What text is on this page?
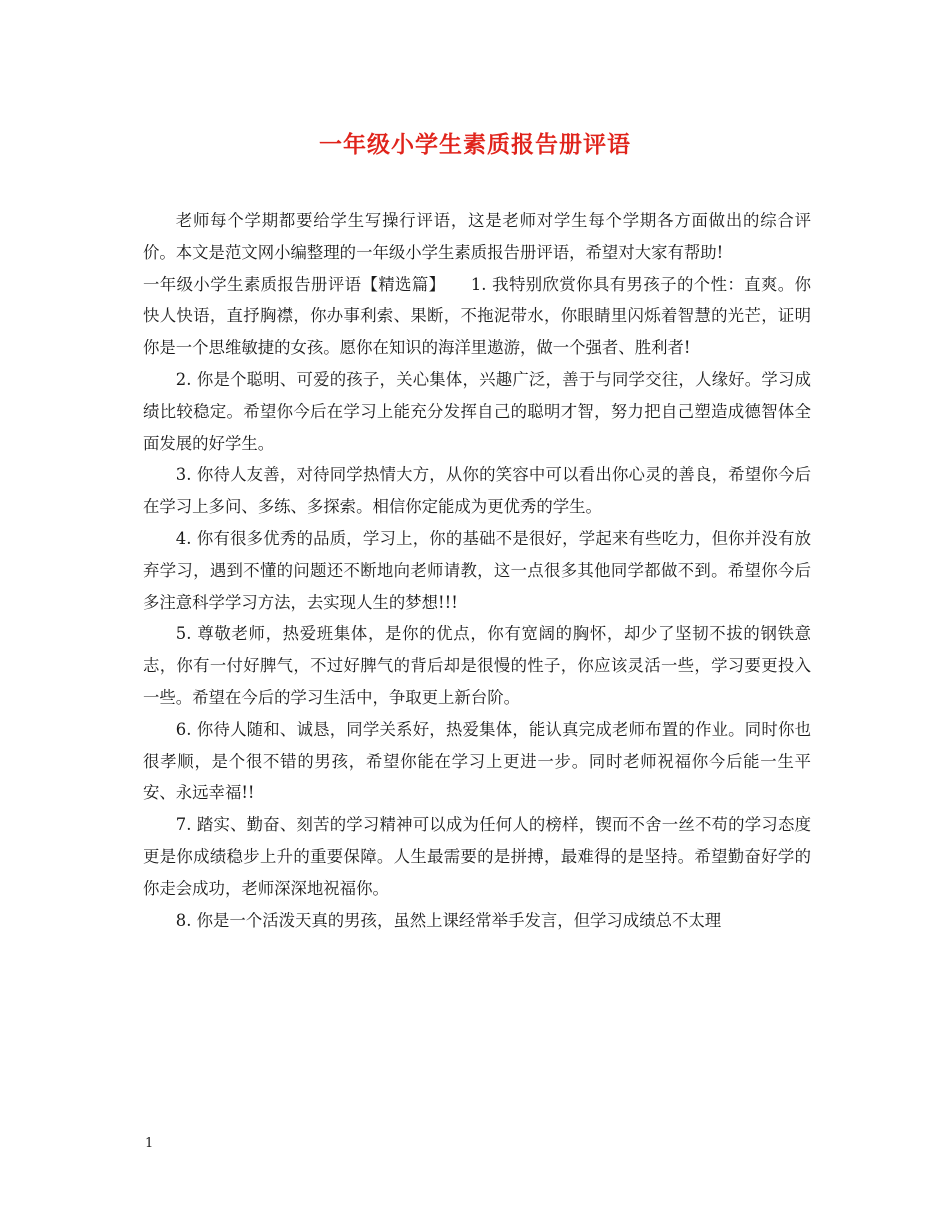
一年级小学生素质报告册评语

老师每个学期都要给学生写操行评语，这是老师对学生每个学期各方面做出的综合评价。本文是范文网小编整理的一年级小学生素质报告册评语，希望对大家有帮助!

一年级小学生素质报告册评语【精选篇】　　 1. 我特别欣赏你具有男孩子的个性：直爽。你快人快语，直抒胸襟，你办事利索、果断，不拖泥带水，你眼睛里闪烁着智慧的光芒，证明你是一个思维敏捷的女孩。愿你在知识的海洋里遨游，做一个强者、胜利者!

2. 你是个聪明、可爱的孩子，关心集体，兴趣广泛，善于与同学交往，人缘好。学习成绩比较稳定。希望你今后在学习上能充分发挥自己的聪明才智，努力把自己塑造成德智体全面发展的好学生。

3. 你待人友善，对待同学热情大方，从你的笑容中可以看出你心灵的善良，希望你今后在学习上多问、多练、多探索。相信你定能成为更优秀的学生。

4. 你有很多优秀的品质，学习上，你的基础不是很好，学起来有些吃力，但你并没有放弃学习，遇到不懂的问题还不断地向老师请教，这一点很多其他同学都做不到。希望你今后多注意科学学习方法，去实现人生的梦想!!!

5. 尊敬老师，热爱班集体，是你的优点，你有宽阔的胸怀，却少了坚韧不拔的钢铁意志，你有一付好脾气，不过好脾气的背后却是很慢的性子，你应该灵活一些，学习要更投入一些。希望在今后的学习生活中，争取更上新台阶。

6. 你待人随和、诚恳，同学关系好，热爱集体，能认真完成老师布置的作业。同时你也很孝顺，是个很不错的男孩，希望你能在学习上更进一步。同时老师祝福你今后能一生平安、永远幸福!!

7. 踏实、勤奋、刻苦的学习精神可以成为任何人的榜样，锲而不舍一丝不苟的学习态度更是你成绩稳步上升的重要保障。人生最需要的是拼搏，最难得的是坚持。希望勤奋好学的你走会成功，老师深深地祝福你。

8. 你是一个活泼天真的男孩，虽然上课经常举手发言，但学习成绩总不太理

1
